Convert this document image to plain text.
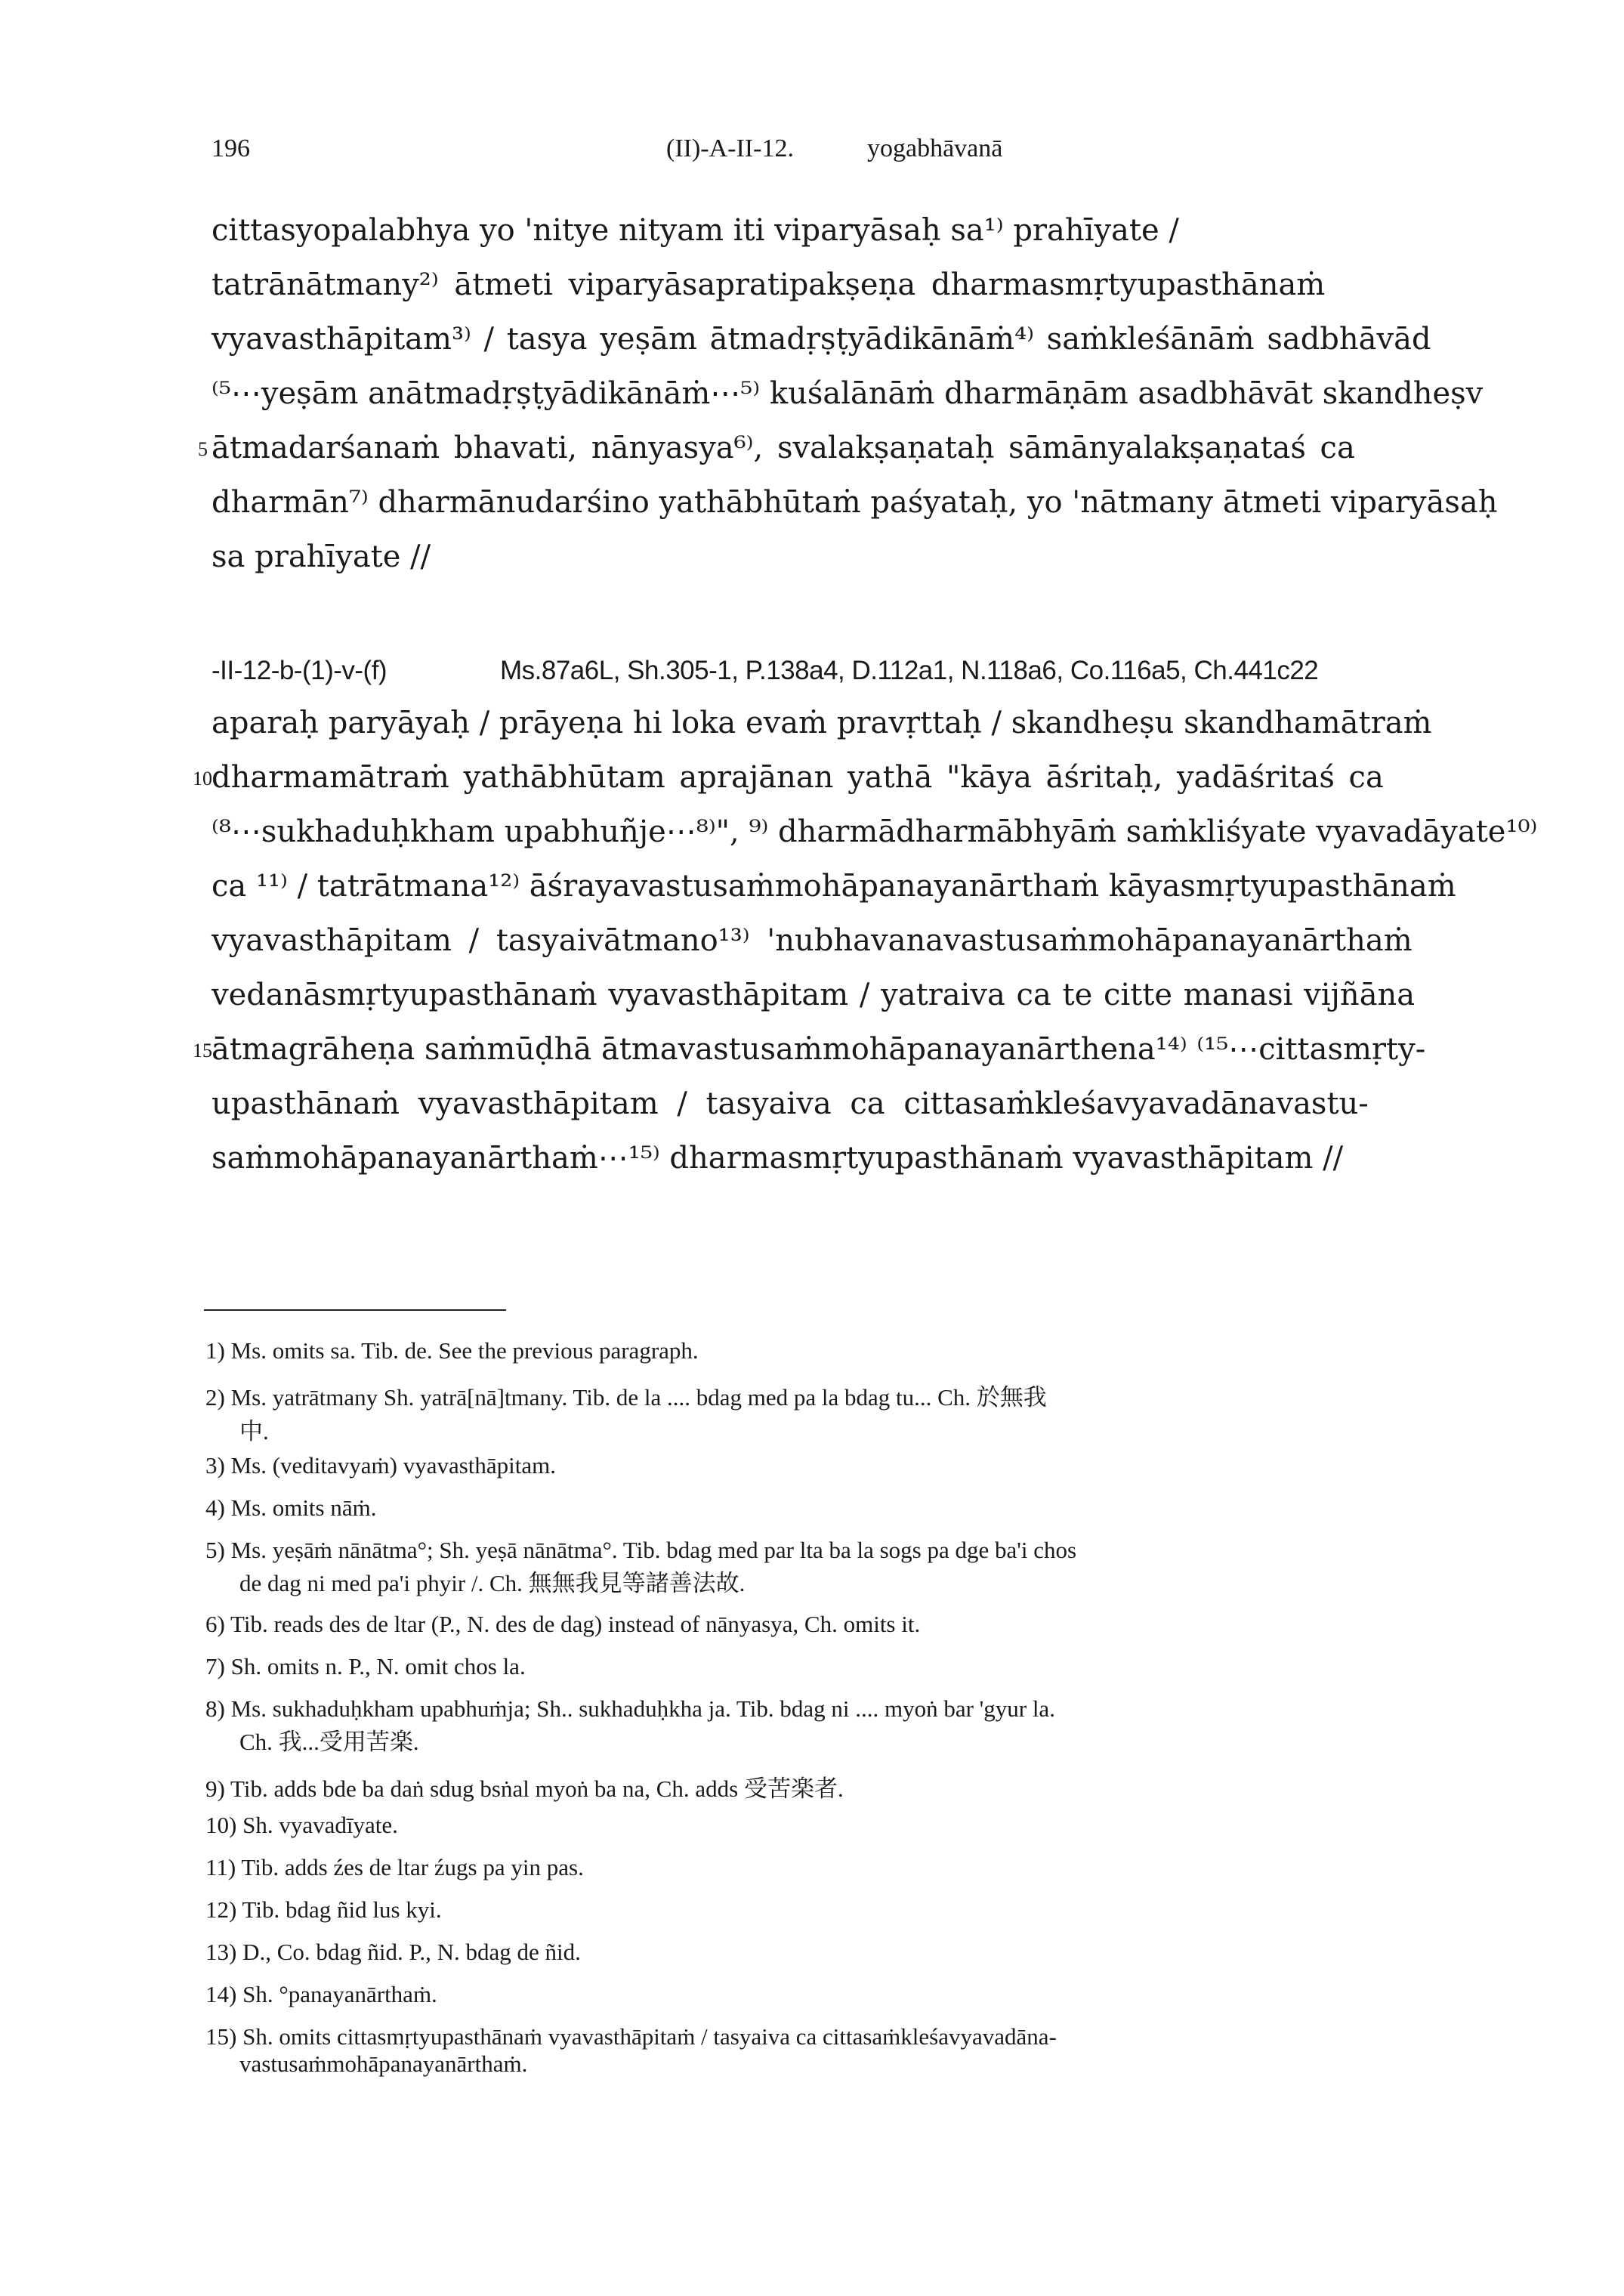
196	(II)-A-II-12.	yogabhāvanā
cittasyopalabhya yo 'nitye nityam iti viparyāsaḥ sa¹⁾ prahīyate /
tatrānātmany²⁾ ātmeti viparyāsapratipakṣeṇa dharmasmṛtyupasthānaṁ
vyavasthāpitam³⁾ / tasya yeṣām ātmadṛṣṭyādikānāṁ⁴⁾ saṁkleśānāṁ sadbhāvād
⁽⁵⋯yeṣām anātmadṛṣṭyādikānāṁ⋯⁵⁾ kuśalānāṁ dharmāṇām asadbhāvāt skandheṣv
ātmadarśanaṁ bhavati, nānyasya⁶⁾, svalakṣaṇataḥ sāmānyalakṣaṇataś ca
dharmān⁷⁾ dharmānudarśino yathābhūtaṁ paśyataḥ, yo 'nātmany ātmeti viparyāsaḥ
sa prahīyate //
-II-12-b-(1)-v-(f)	Ms.87a6L, Sh.305-1, P.138a4, D.112a1, N.118a6, Co.116a5, Ch.441c22
aparaḥ paryāyaḥ / prāyeṇa hi loka evaṁ pravṛttaḥ / skandheṣu skandhamātraṁ
dharmamātraṁ yathābhūtam aprajānan yathā "kāya āśritaḥ, yadāśritaś ca
⁽⁸⋯sukhaduḥkham upabhuñje⋯⁸⁾", ⁹⁾ dharmādharmābhyāṁ saṁkliśyate vyavadāyate¹⁰⁾
ca ¹¹⁾ / tatrātmana¹²⁾ āśrayavastusaṁmohāpanayanārthaṁ kāyasmṛtyupasthānaṁ
vyavasthāpitam / tasyaivātmano¹³⁾ 'nubhavanavastusaṁmohāpanayanārthaṁ
vedanāsmṛtyupasthānaṁ vyavasthāpitam / yatraiva ca te citte manasi vijñāna
ātmagrāheṇa saṁmūḍhā ātmavastusaṁmohāpanayanārthena¹⁴⁾ ⁽¹⁵⋯cittasmṛty-
upasthānaṁ vyavasthāpitam / tasyaiva ca cittasaṁkleśavyavadānavastu-
saṁmohāpanayanārthaṁ⋯¹⁵⁾ dharmasmṛtyupasthānaṁ vyavasthāpitam //
5
10
15
1) Ms. omits sa. Tib. de. See the previous paragraph.
2) Ms. yatrātmany Sh. yatrā[nā]tmany. Tib. de la .... bdag med pa la bdag tu... Ch. 於無我
中.
3) Ms. (veditavyaṁ) vyavasthāpitam.
4) Ms. omits nāṁ.
5) Ms. yeṣāṁ nānātma°; Sh. yeṣā nānātma°. Tib. bdag med par lta ba la sogs pa dge ba'i chos
de dag ni med pa'i phyir /. Ch. 無無我見等諸善法故.
6) Tib. reads des de ltar (P., N. des de dag) instead of nānyasya, Ch. omits it.
7) Sh. omits n. P., N. omit chos la.
8) Ms. sukhaduḥkham upabhuṁja; Sh.. sukhaduḥkha ja. Tib. bdag ni .... myoṅ bar 'gyur la.
Ch. 我...受用苦楽.
9) Tib. adds bde ba daṅ sdug bsṅal myoṅ ba na, Ch. adds 受苦楽者.
10) Sh. vyavadīyate.
11) Tib. adds źes de ltar źugs pa yin pas.
12) Tib. bdag ñid lus kyi.
13) D., Co. bdag ñid. P., N. bdag de ñid.
14) Sh. °panayanārthaṁ.
15) Sh. omits cittasmṛtyupasthānaṁ vyavasthāpitaṁ / tasyaiva ca cittasaṁkleśavyavadāna-
vastusaṁmohāpanayanārthaṁ.
